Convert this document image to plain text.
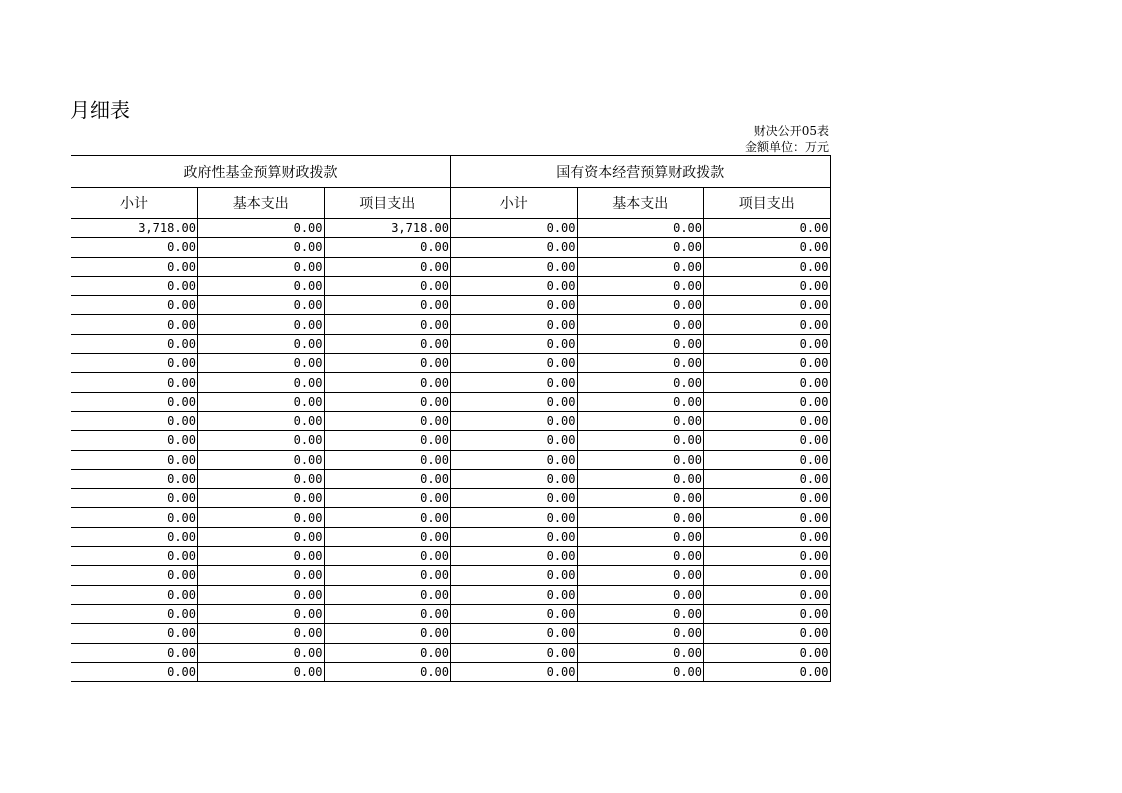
月细表
财决公开05表
金额单位：万元
政府性基金预算财政拨款			国有资本经营预算财政拨款		
小计	基本支出	项目支出	小计	基本支出	项目支出
3,718.00	0.00	3,718.00	0.00	0.00	0.00
0.00	0.00	0.00	0.00	0.00	0.00
0.00	0.00	0.00	0.00	0.00	0.00
0.00	0.00	0.00	0.00	0.00	0.00
0.00	0.00	0.00	0.00	0.00	0.00
0.00	0.00	0.00	0.00	0.00	0.00
0.00	0.00	0.00	0.00	0.00	0.00
0.00	0.00	0.00	0.00	0.00	0.00
0.00	0.00	0.00	0.00	0.00	0.00
0.00	0.00	0.00	0.00	0.00	0.00
0.00	0.00	0.00	0.00	0.00	0.00
0.00	0.00	0.00	0.00	0.00	0.00
0.00	0.00	0.00	0.00	0.00	0.00
0.00	0.00	0.00	0.00	0.00	0.00
0.00	0.00	0.00	0.00	0.00	0.00
0.00	0.00	0.00	0.00	0.00	0.00
0.00	0.00	0.00	0.00	0.00	0.00
0.00	0.00	0.00	0.00	0.00	0.00
0.00	0.00	0.00	0.00	0.00	0.00
0.00	0.00	0.00	0.00	0.00	0.00
0.00	0.00	0.00	0.00	0.00	0.00
0.00	0.00	0.00	0.00	0.00	0.00
0.00	0.00	0.00	0.00	0.00	0.00
0.00	0.00	0.00	0.00	0.00	0.00
